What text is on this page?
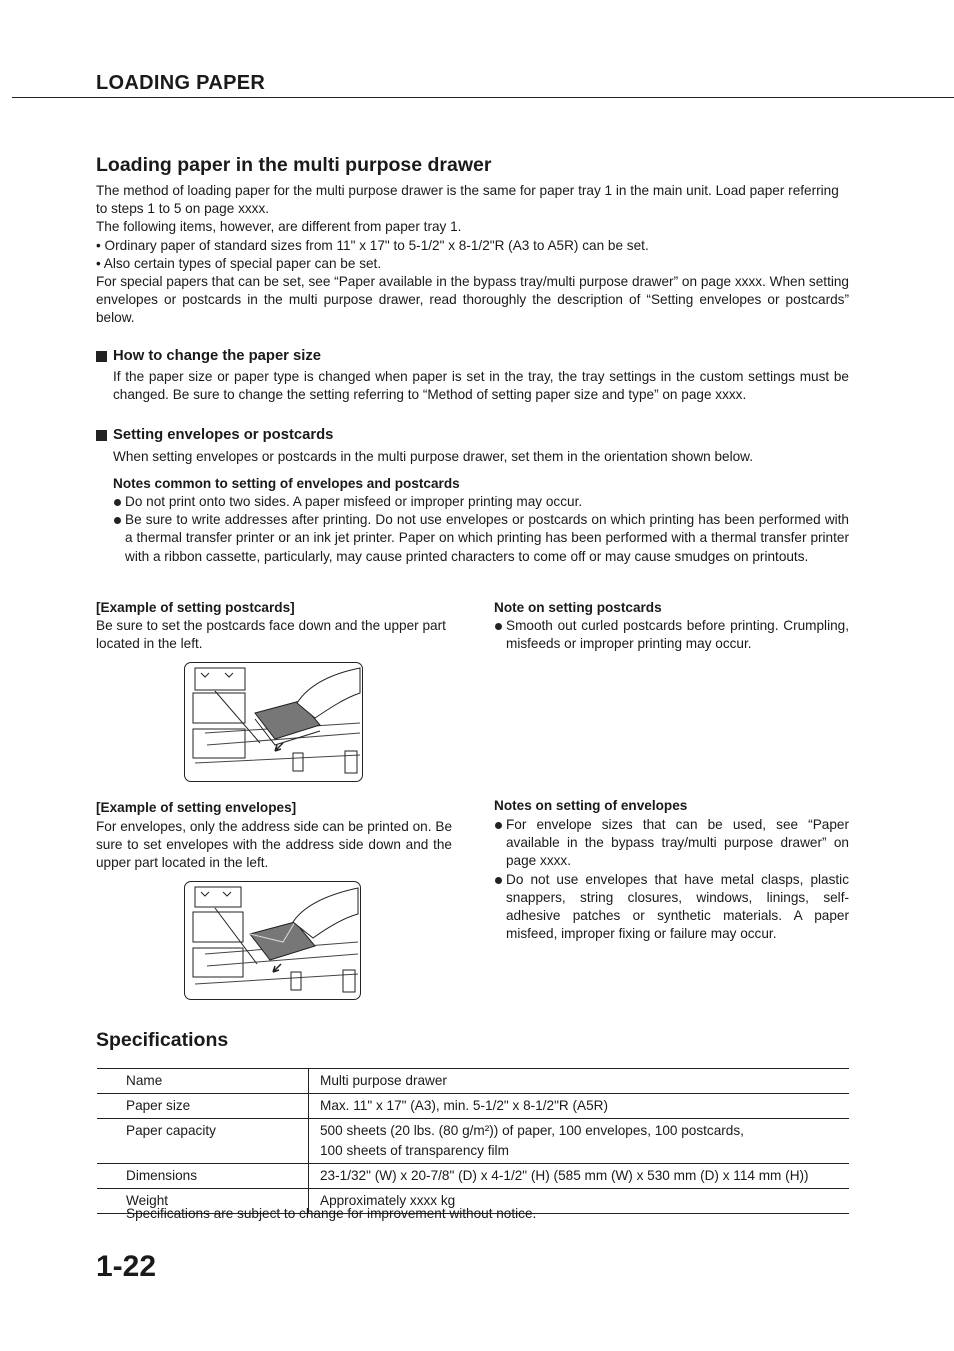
LOADING PAPER
Loading paper in the multi purpose drawer

The method of loading paper for the multi purpose drawer is the same for paper tray 1 in the main unit. Load paper referring to steps 1 to 5 on page xxxx.

The following items, however, are different from paper tray 1.

• Ordinary paper of standard sizes from 11" x 17" to 5-1/2" x 8-1/2"R (A3 to A5R) can be set.

• Also certain types of special paper can be set.

For special papers that can be set, see “Paper available in the bypass tray/multi purpose drawer” on page xxxx. When setting envelopes or postcards in the multi purpose drawer, read thoroughly the description of “Setting envelopes or postcards” below.

How to change the paper size
If the paper size or paper type is changed when paper is set in the tray, the tray settings in the custom settings must be changed. Be sure to change the setting referring to “Method of setting paper size and type” on page xxxx.
Setting envelopes or postcards
When setting envelopes or postcards in the multi purpose drawer, set them in the orientation shown below.
Notes common to setting of envelopes and postcards
Do not print onto two sides. A paper misfeed or improper printing may occur.
Be sure to write addresses after printing. Do not use envelopes or postcards on which printing has been performed with a thermal transfer printer or an ink jet printer. Paper on which printing has been performed with a thermal transfer printer with a ribbon cassette, particularly, may cause printed characters to come off or may cause smudges on printouts.
[Example of setting postcards]
Be sure to set the postcards face down and the upper part located in the left.
Note on setting postcards
Smooth out curled postcards before printing. Crumpling, misfeeds or improper printing may occur.
[Example of setting envelopes]
For envelopes, only the address side can be printed on. Be sure to set envelopes with the address side down and the upper part located in the left.
Notes on setting of envelopes
For envelope sizes that can be used, see “Paper available in the bypass tray/multi purpose drawer” on page xxxx.
Do not use envelopes that have metal clasps, plastic snappers, string closures, windows, linings, self-adhesive patches or synthetic materials. A paper misfeed, improper fixing or failure may occur.
Specifications
Name	Multi purpose drawer
Paper size	Max. 11" x 17" (A3), min. 5-1/2" x 8-1/2"R (A5R)
Paper capacity	500 sheets (20 lbs. (80 g/m²)) of paper, 100 envelopes, 100 postcards,
100 sheets of transparency film

Dimensions	23-1/32" (W) x 20-7/8" (D) x 4-1/2" (H) (585 mm (W) x 530 mm (D) x 114 mm (H))
Weight	Approximately xxxx kg
Specifications are subject to change for improvement without notice.
1-22
